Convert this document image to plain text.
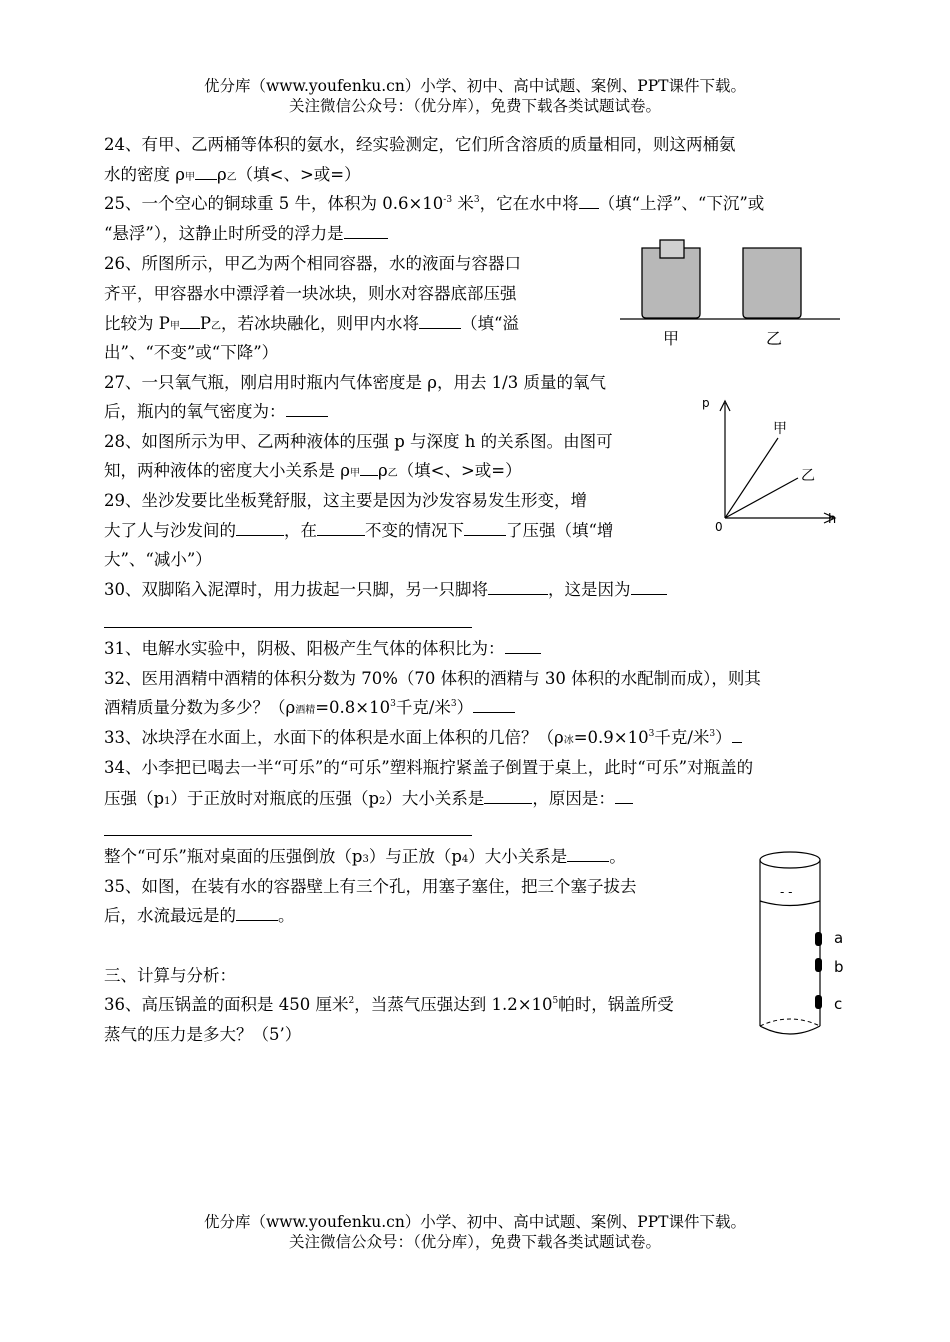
优分库（www.youfenku.cn）小学、初中、高中试题、案例、PPT课件下载。
关注微信公众号：（优分库），免费下载各类试题试卷。
24、有甲、乙两桶等体积的氨水，经实验测定，它们所含溶质的质量相同，则这两桶氨
水的密度 ρ甲 ρ乙（填<、>或=）
25、一个空心的铜球重 5 牛，体积为 $0.6\times 10^{-3}$ 米$^3$，它在水中将 （填“上浮”、“下沉”或
“悬浮”），这静止时所受的浮力是
26、所图所示，甲乙为两个相同容器，水的液面与容器口
齐平，甲容器水中漂浮着一块冰块，则水对容器底部压强
比较为 P甲 P乙，若冰块融化，则甲内水将	（填“溢
出”、“不变”或“下降”）
甲	乙
27、一只氧气瓶，刚启用时瓶内气体密度是 ρ，用去 1/3 质量的氧气
后，瓶内的氧气密度为：
28、如图所示为甲、乙两种液体的压强 p 与深度 h 的关系图。由图可
知，两种液体的密度大小关系是 ρ甲 ρ乙（填<、>或=）
p
h
0
甲
乙
29、坐沙发要比坐板凳舒服，这主要是因为沙发容易发生形变，增
大了人与沙发间的	，在	不变的情况下	了压强（填“增
大”、“减小”）
30、双脚陷入泥潭时，用力拔起一只脚，另一只脚将	，这是因为
31、电解水实验中，阴极、阳极产生气体的体积比为：
32、医用酒精中酒精的体积分数为 70%（70 体积的酒精与 30 体积的水配制而成），则其
酒精质量分数为多少？（ρ酒精$=0.8\times 10^3$千克/米$^3$）
33、冰块浮在水面上，水面下的体积是水面上体积的几倍？（ρ冰$=0.9\times 10^3$千克/米$^3$）
34、小李把已喝去一半“可乐”的“可乐”塑料瓶拧紧盖子倒置于桌上，此时“可乐”对瓶盖的
压强（p1）于正放时对瓶底的压强（p2）大小关系是	，原因是：
整个“可乐”瓶对桌面的压强倒放（p3）与正放（p4）大小关系是	。
35、如图，在装有水的容器壁上有三个孔，用塞子塞住，把三个塞子拔去
后，水流最远是的	。
- -
a
b
c
三、计算与分析：
36、高压锅盖的面积是 450 厘米$^2$，当蒸气压强达到 $1.2\times 10^5$帕时，锅盖所受
蒸气的压力是多大？（5’）
优分库（www.youfenku.cn）小学、初中、高中试题、案例、PPT课件下载。
关注微信公众号：（优分库），免费下载各类试题试卷。
